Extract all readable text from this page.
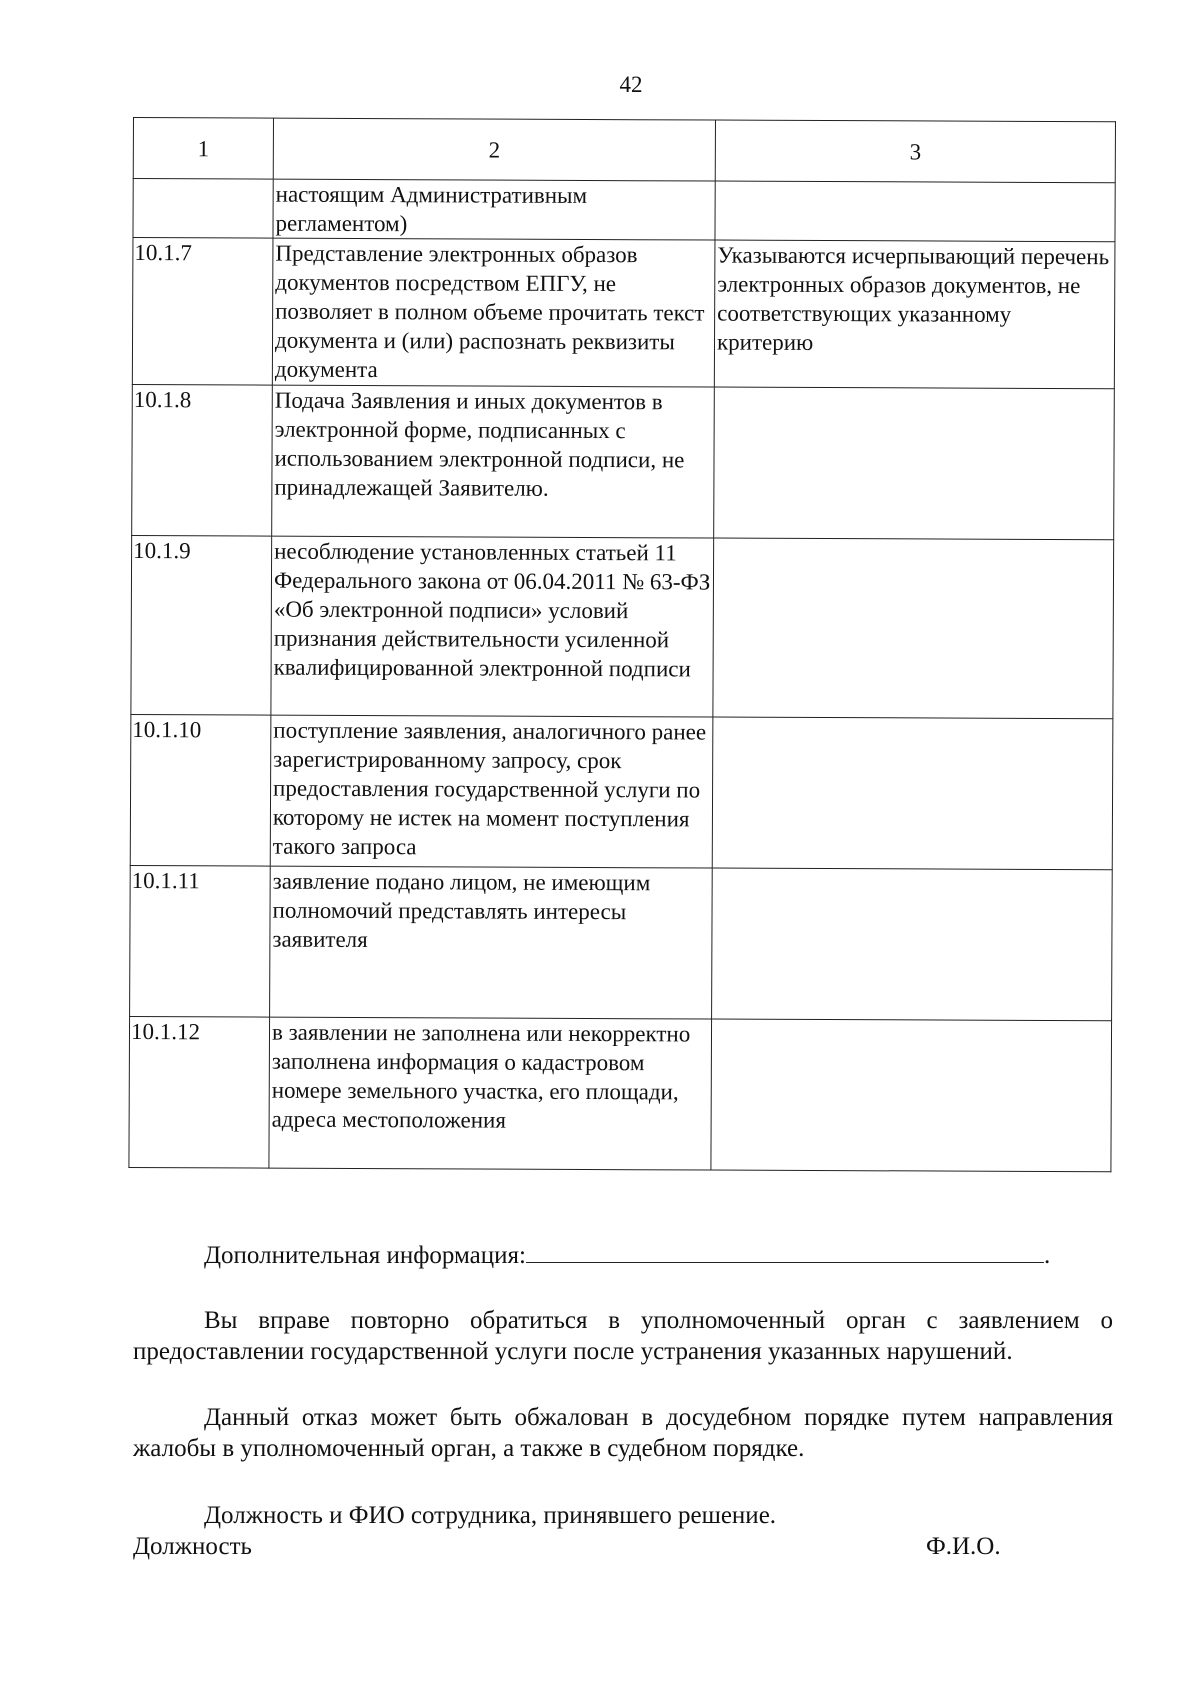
42
1	2	3
	настоящим Административным регламентом)	
10.1.7	Представление электронных образов документов посредством ЕПГУ, не позволяет в полном объеме прочитать текст документа и (или) распознать реквизиты документа	Указываются исчерпывающий перечень электронных образов документов, не соответствующих указанному критерию
10.1.8	Подача Заявления и иных документов в электронной форме, подписанных с использованием электронной подписи, не принадлежащей Заявителю.	
10.1.9	несоблюдение установленных статьей 11 Федерального закона от 06.04.2011 № 63-ФЗ «Об электронной подписи» условий признания действительности усиленной квалифицированной электронной подписи	
10.1.10	поступление заявления, аналогичного ранее зарегистрированному запросу, срок предоставления государственной услуги по которому не истек на момент поступления такого запроса	
10.1.11	заявление подано лицом, не имеющим полномочий представлять интересы заявителя	
10.1.12	в заявлении не заполнена или некорректно заполнена информация о кадастровом номере земельного участка, его площади, адреса местоположения	
Дополнительная информация:	.
Вы вправе повторно обратиться в уполномоченный орган с заявлением о предоставлении государственной услуги после устранения указанных нарушений.
Данный отказ может быть обжалован в досудебном порядке путем направления жалобы в уполномоченный орган, а также в судебном порядке.
Должность и ФИО сотрудника, принявшего решение.
Должность	Ф.И.О.
